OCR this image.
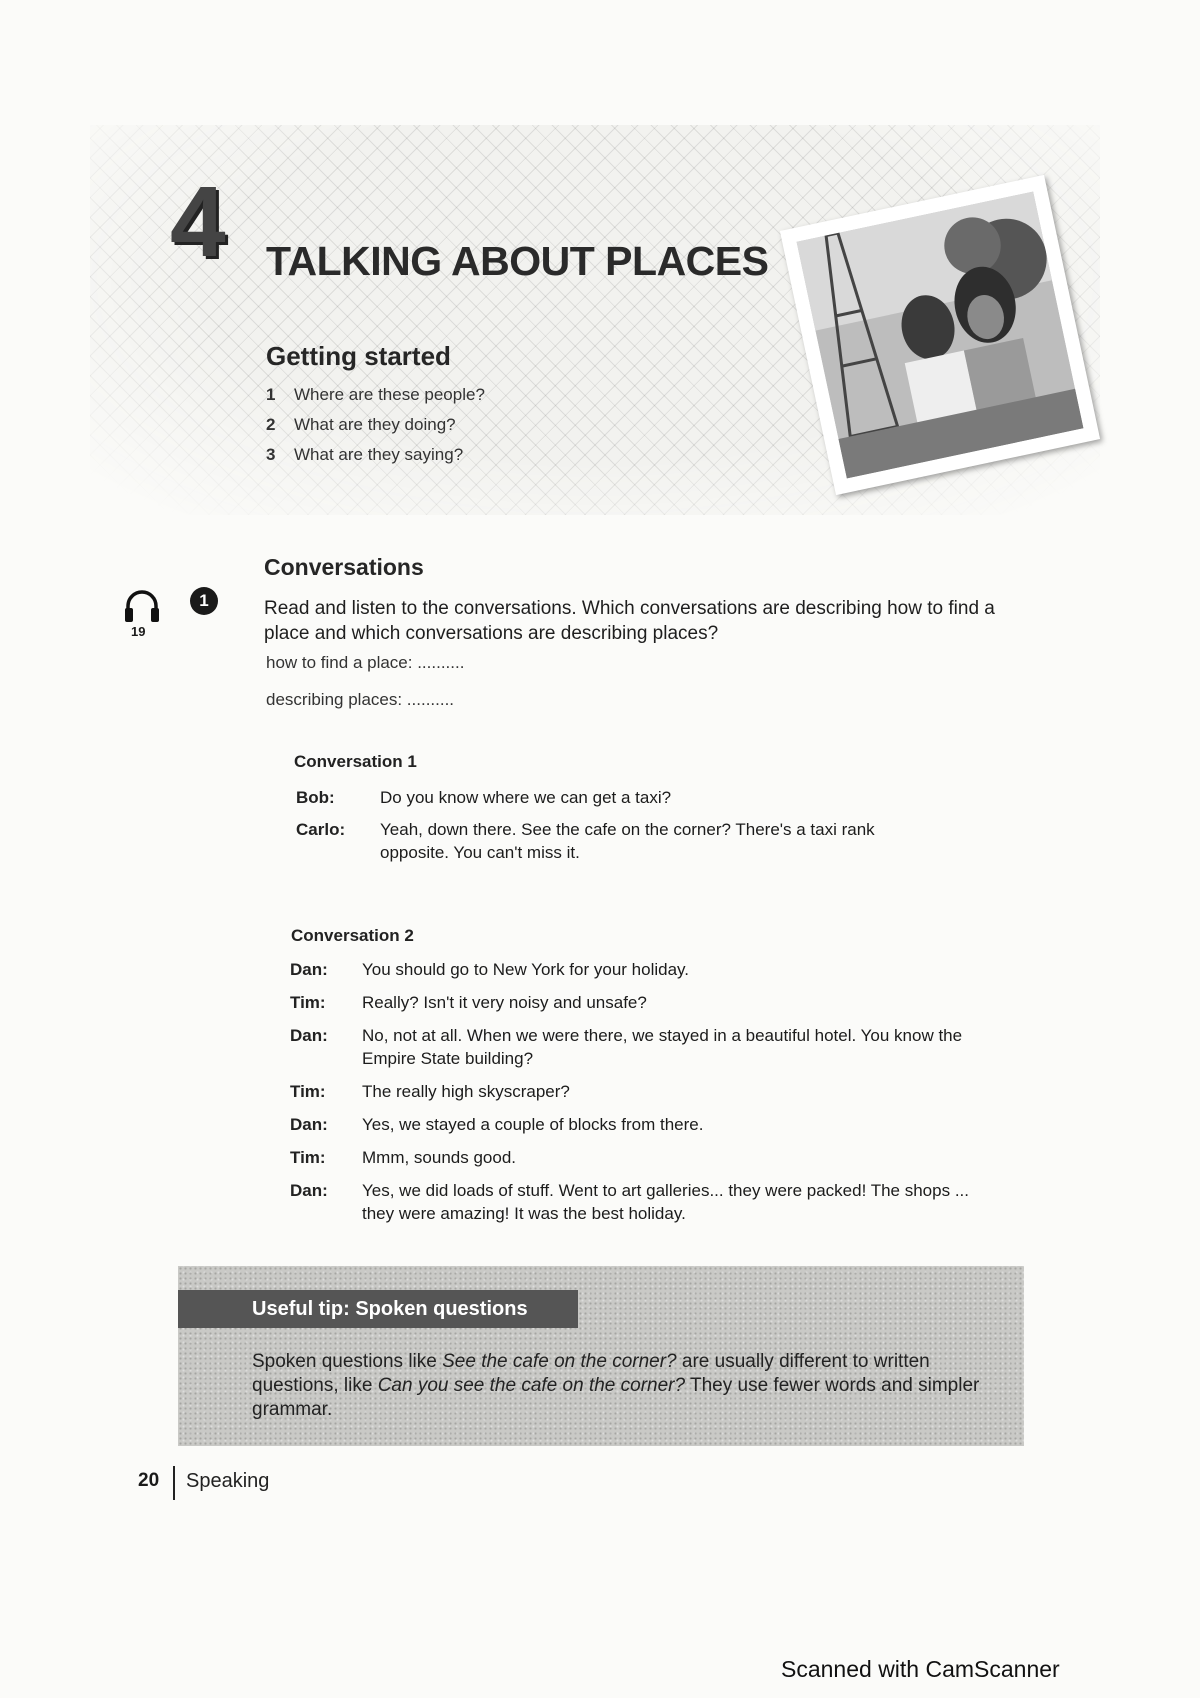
4 TALKING ABOUT PLACES
Getting started
1	Where are these people?
2	What are they doing?
3	What are they saying?
Conversations
19
1	Read and listen to the conversations. Which conversations are describing how to find a place and which conversations are describing places?

how to find a place: ..........

describing places: ..........

Conversation 1
Bob:	Do you know where we can get a taxi?
Carlo:	Yeah, down there. See the cafe on the corner? There's a taxi rank opposite. You can't miss it.
Conversation 2
Dan:	You should go to New York for your holiday.
Tim:	Really? Isn't it very noisy and unsafe?
Dan:	No, not at all. When we were there, we stayed in a beautiful hotel. You know the Empire State building?
Tim:	The really high skyscraper?
Dan:	Yes, we stayed a couple of blocks from there.
Tim:	Mmm, sounds good.
Dan:	Yes, we did loads of stuff. Went to art galleries... they were packed! The shops ... they were amazing! It was the best holiday.
Useful tip: Spoken questions

Spoken questions like See the cafe on the corner? are usually different to written questions, like Can you see the cafe on the corner? They use fewer words and simpler grammar.

20 Speaking

Scanned with CamScanner
